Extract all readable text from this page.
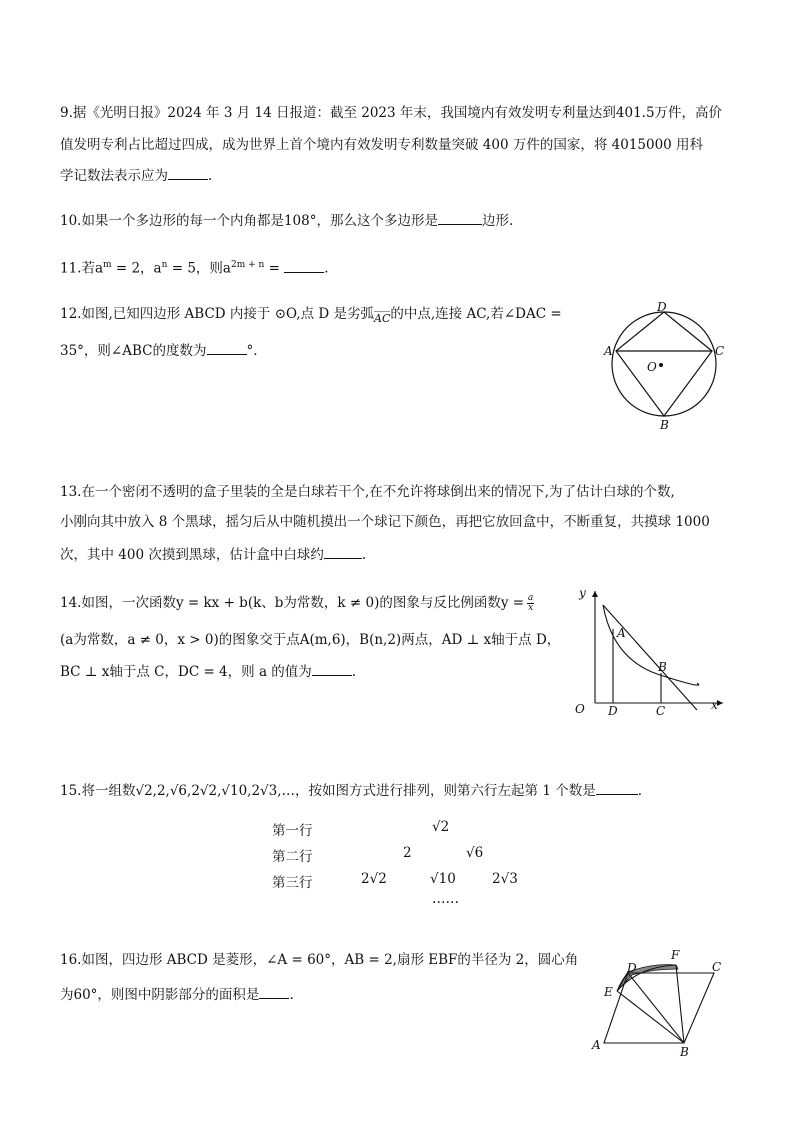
9.据《光明日报》2024 年 3 月 14 日报道：截至 2023 年末，我国境内有效发明专利量达到401.5万件，高价
值发明专利占比超过四成，成为世界上首个境内有效发明专利数量突破 400 万件的国家，将 4015000 用科
学记数法表示应为	.
10.如果一个多边形的每一个内角都是108°，那么这个多边形是	边形.
11.若$a^m = 2$，$a^n = 5$，则$a^{2m + n}$ =	.
12.如图,已知四边形 ABCD 内接于 ⊙O,点 D 是劣弧$_{AC}$的中点,连接 AC,若∠DAC =
35°，则∠ABC的度数为	°.	A
D
C
B
O
13.在一个密闭不透明的盒子里装的全是白球若干个,在不允许将球倒出来的情况下,为了估计白球的个数,
小刚向其中放入 8 个黑球，摇匀后从中随机摸出一个球记下颜色，再把它放回盒中，不断重复，共摸球 1000
次，其中 400 次摸到黑球，估计盒中白球约	.
14.如图，一次函数y = kx + b(k、b为常数，k ≠ 0)的图象与反比例函数$y = \frac{a}{x}$
(a为常数，a ≠ 0，x > 0)的图象交于点A(m,6)，B(n,2)两点，AD ⊥ x轴于点 D，
BC ⊥ x轴于点 C，DC = 4，则 a 的值为	.
y
x
O
A
B
C
D
15.将一组数√2,2,√6,2√2,√10,2√3,…，按如图方式进行排列，则第六行左起第 1 个数是	.
第一行	√2
第二行	2	√6
第三行	2√2	√10	2√3
……
16.如图，四边形 ABCD 是菱形，∠A = 60°，AB = 2,扇形 EBF的半径为 2，圆心角
为60°，则图中阴影部分的面积是 .
A	B
C
D
E
F
